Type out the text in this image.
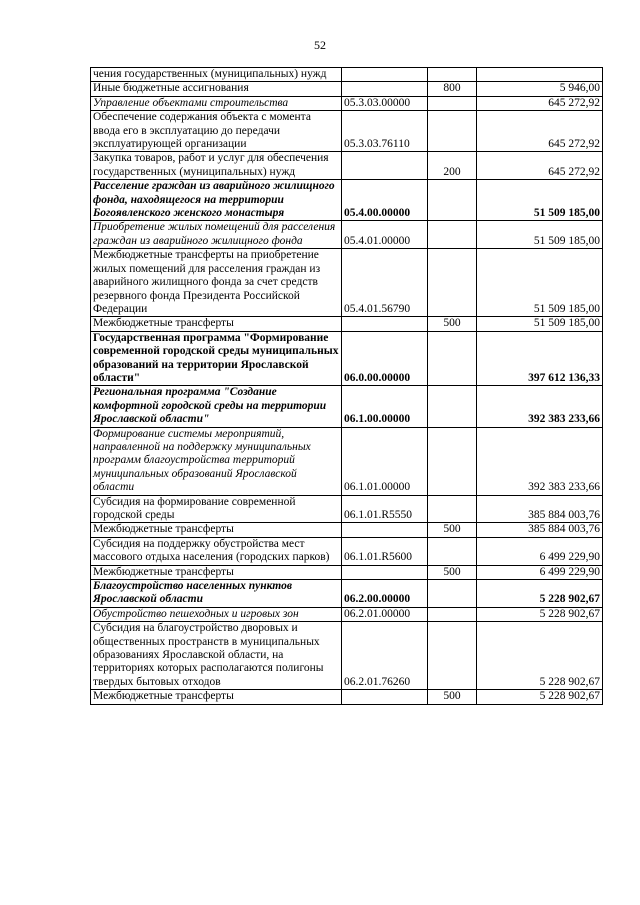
52
чения государственных (муниципальных) нужд			
Иные бюджетные ассигнования		800	5 946,00
Управление объектами строительства	05.3.03.00000		645 272,92
Обеспечение содержания объекта с момента ввода его в эксплуатацию до передачи эксплуатирующей организации	05.3.03.76110		645 272,92
Закупка товаров, работ и услуг для обеспечения государственных (муниципальных) нужд		200	645 272,92
Расселение граждан из аварийного жилищного фонда, находящегося на территории Богоявленского женского монастыря	05.4.00.00000		51 509 185,00
Приобретение жилых помещений для расселения граждан из аварийного жилищного фонда	05.4.01.00000		51 509 185,00
Межбюджетные трансферты на приобретение жилых помещений для расселения граждан из аварийного жилищного фонда за счет средств резервного фонда Президента Российской Федерации	05.4.01.56790		51 509 185,00
Межбюджетные трансферты		500	51 509 185,00
Государственная программа "Формирование современной городской среды муниципальных образований на территории Ярославской области"	06.0.00.00000		397 612 136,33
Региональная программа "Создание комфортной городской среды на территории Ярославской области"	06.1.00.00000		392 383 233,66
Формирование системы мероприятий, направленной на поддержку муниципальных программ благоустройства территорий муниципальных образований Ярославской области	06.1.01.00000		392 383 233,66
Субсидия на формирование современной городской среды	06.1.01.R5550		385 884 003,76
Межбюджетные трансферты		500	385 884 003,76
Субсидия на поддержку обустройства мест массового отдыха населения (городских парков)	06.1.01.R5600		6 499 229,90
Межбюджетные трансферты		500	6 499 229,90
Благоустройство населенных пунктов Ярославской области	06.2.00.00000		5 228 902,67
Обустройство пешеходных и игровых зон	06.2.01.00000		5 228 902,67
Субсидия на благоустройство дворовых и общественных пространств в муниципальных образованиях Ярославской области, на территориях которых располагаются полигоны твердых бытовых отходов	06.2.01.76260		5 228 902,67
Межбюджетные трансферты		500	5 228 902,67
